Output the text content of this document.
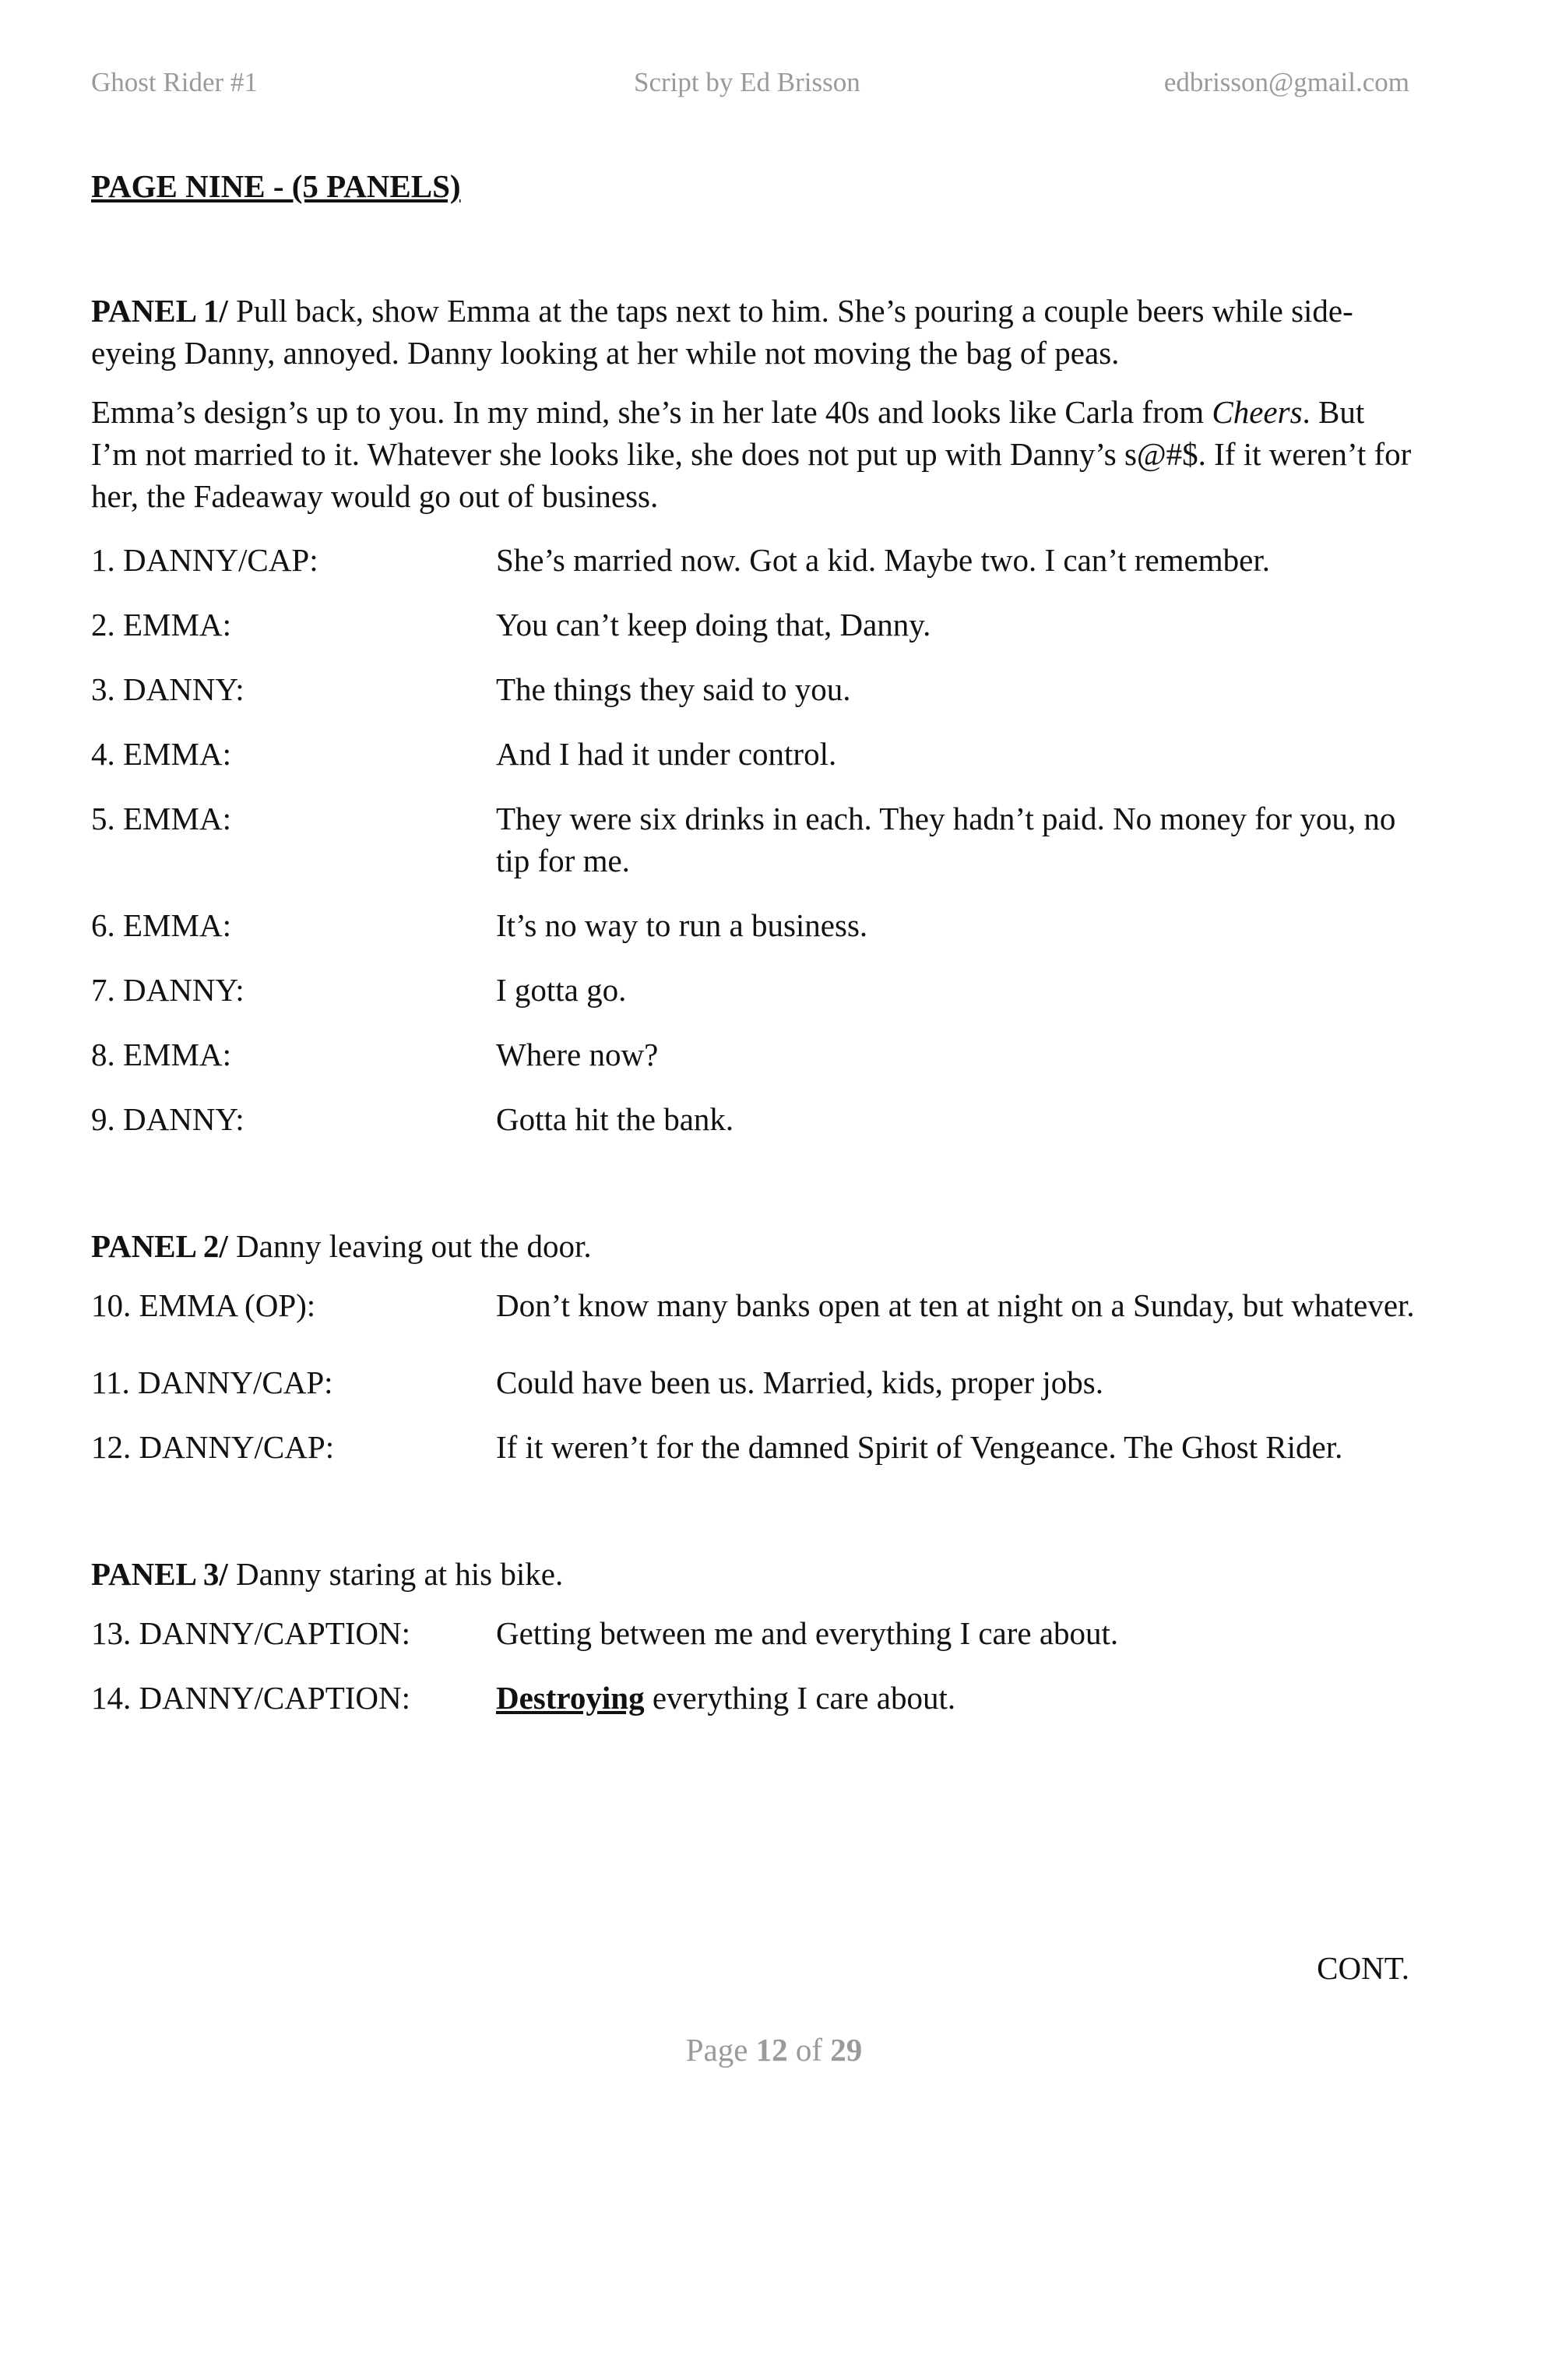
Ghost Rider #1	Script by Ed Brisson	edbrisson@gmail.com
PAGE NINE - (5 PANELS)

PANEL 1/ Pull back, show Emma at the taps next to him. She’s pouring a couple beers while side-eyeing Danny, annoyed. Danny looking at her while not moving the bag of peas.

Emma’s design’s up to you. In my mind, she’s in her late 40s and looks like Carla from Cheers. But I’m not married to it. Whatever she looks like, she does not put up with Danny’s s@#$. If it weren’t for her, the Fadeaway would go out of business.

1. DANNY/CAP:	She’s married now. Got a kid. Maybe two. I can’t remember.
2. EMMA:	You can’t keep doing that, Danny.
3. DANNY:	The things they said to you.
4. EMMA:	And I had it under control.
5. EMMA:	They were six drinks in each. They hadn’t paid. No money for you, no tip for me.
6. EMMA:	It’s no way to run a business.
7. DANNY:	I gotta go.
8. EMMA:	Where now?
9. DANNY:	Gotta hit the bank.

PANEL 2/ Danny leaving out the door.

10. EMMA (OP):	Don’t know many banks open at ten at night on a Sunday, but whatever.
11. DANNY/CAP:	Could have been us. Married, kids, proper jobs.
12. DANNY/CAP:	If it weren’t for the damned Spirit of Vengeance. The Ghost Rider.

PANEL 3/ Danny staring at his bike.

13. DANNY/CAPTION:	Getting between me and everything I care about.
14. DANNY/CAPTION:	Destroying everything I care about.
CONT.
Page 12 of 29
